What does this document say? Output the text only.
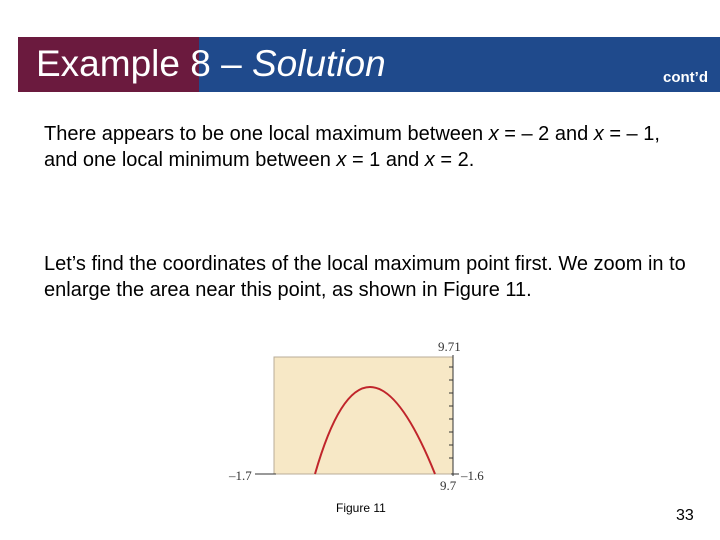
Example 8 – Solution	cont’d

There appears to be one local maximum between x = – 2 and x = – 1, and one local minimum between x = 1 and x = 2.

Let’s find the coordinates of the local maximum point first. We zoom in to enlarge the area near this point, as shown in Figure 11.

9.71
9.7
–1.7	–1.6
Figure 11	33
